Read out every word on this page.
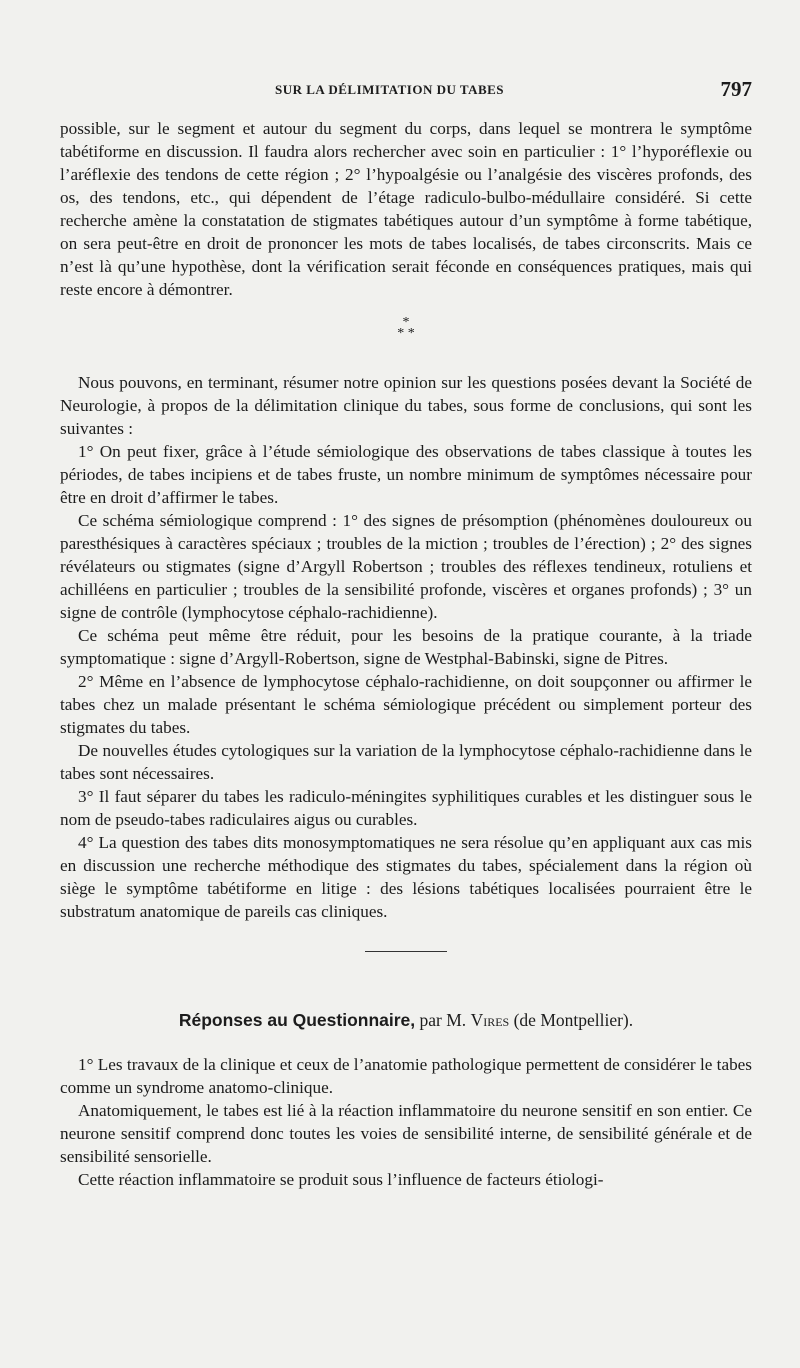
SUR LA DÉLIMITATION DU TABES	797

possible, sur le segment et autour du segment du corps, dans lequel se montrera le symptôme tabétiforme en discussion. Il faudra alors rechercher avec soin en particulier : 1° l’hyporéflexie ou l’aréflexie des tendons de cette région ; 2° l’hypoalgésie ou l’analgésie des viscères profonds, des os, des tendons, etc., qui dépendent de l’étage radiculo-bulbo-médullaire considéré. Si cette recherche amène la constatation de stigmates tabétiques autour d’un symptôme à forme tabétique, on sera peut-être en droit de prononcer les mots de tabes localisés, de tabes circonscrits. Mais ce n’est là qu’une hypothèse, dont la vérification serait féconde en conséquences pratiques, mais qui reste encore à démontrer.

*
* *

Nous pouvons, en terminant, résumer notre opinion sur les questions posées devant la Société de Neurologie, à propos de la délimitation clinique du tabes, sous forme de conclusions, qui sont les suivantes :

1° On peut fixer, grâce à l’étude sémiologique des observations de tabes classique à toutes les périodes, de tabes incipiens et de tabes fruste, un nombre minimum de symptômes nécessaire pour être en droit d’affirmer le tabes.

Ce schéma sémiologique comprend : 1° des signes de présomption (phénomènes douloureux ou paresthésiques à caractères spéciaux ; troubles de la miction ; troubles de l’érection) ; 2° des signes révélateurs ou stigmates (signe d’Argyll Robertson ; troubles des réflexes tendineux, rotuliens et achilléens en particulier ; troubles de la sensibilité profonde, viscères et organes profonds) ; 3° un signe de contrôle (lymphocytose céphalo-rachidienne).

Ce schéma peut même être réduit, pour les besoins de la pratique courante, à la triade symptomatique : signe d’Argyll-Robertson, signe de Westphal-Babinski, signe de Pitres.

2° Même en l’absence de lymphocytose céphalo-rachidienne, on doit soupçonner ou affirmer le tabes chez un malade présentant le schéma sémiologique précédent ou simplement porteur des stigmates du tabes.

De nouvelles études cytologiques sur la variation de la lymphocytose céphalo-rachidienne dans le tabes sont nécessaires.

3° Il faut séparer du tabes les radiculo-méningites syphilitiques curables et les distinguer sous le nom de pseudo-tabes radiculaires aigus ou curables.

4° La question des tabes dits monosymptomatiques ne sera résolue qu’en appliquant aux cas mis en discussion une recherche méthodique des stigmates du tabes, spécialement dans la région où siège le symptôme tabétiforme en litige : des lésions tabétiques localisées pourraient être le substratum anatomique de pareils cas cliniques.

Réponses au Questionnaire, par M. Vires (de Montpellier).

1° Les travaux de la clinique et ceux de l’anatomie pathologique permettent de considérer le tabes comme un syndrome anatomo-clinique.

Anatomiquement, le tabes est lié à la réaction inflammatoire du neurone sensitif en son entier. Ce neurone sensitif comprend donc toutes les voies de sensibilité interne, de sensibilité générale et de sensibilité sensorielle.

Cette réaction inflammatoire se produit sous l’influence de facteurs étiologi-
